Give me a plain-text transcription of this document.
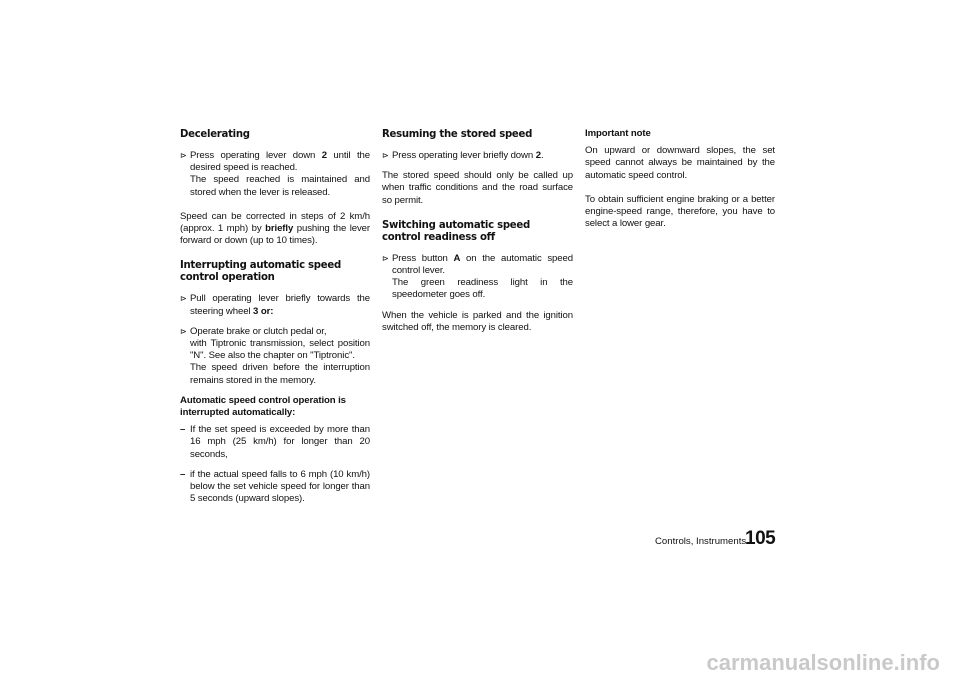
Decelerating
⊳ Press operating lever down 2 until the desired speed is reached.
The speed reached is maintained and stored when the lever is released.

Speed can be corrected in steps of 2 km/h (approx. 1 mph) by briefly pushing the lever forward or down (up to 10 times).

Interrupting automatic speed control operation
⊳ Pull operating lever briefly towards the steering wheel 3 or:
⊳ Operate brake or clutch pedal or,
with Tiptronic transmission, select position "N". See also the chapter on "Tiptronic".
The speed driven before the interruption remains stored in the memory.
Automatic speed control operation is interrupted automatically:
– If the set speed is exceeded by more than 16 mph (25 km/h) for longer than 20 seconds,
– if the actual speed falls to 6 mph (10 km/h) below the set vehicle speed for longer than 5 seconds (upward slopes).
Resuming the stored speed
⊳ Press operating lever briefly down 2.

The stored speed should only be called up when traffic conditions and the road surface so permit.

Switching automatic speed control readiness off
⊳ Press button A on the automatic speed control lever.
The green readiness light in the speedometer goes off.

When the vehicle is parked and the ignition switched off, the memory is cleared.

Important note

On upward or downward slopes, the set speed cannot always be maintained by the automatic speed control.

To obtain sufficient engine braking or a better engine-speed range, therefore, you have to select a lower gear.

Controls, Instruments
105
carmanualsonline.info
